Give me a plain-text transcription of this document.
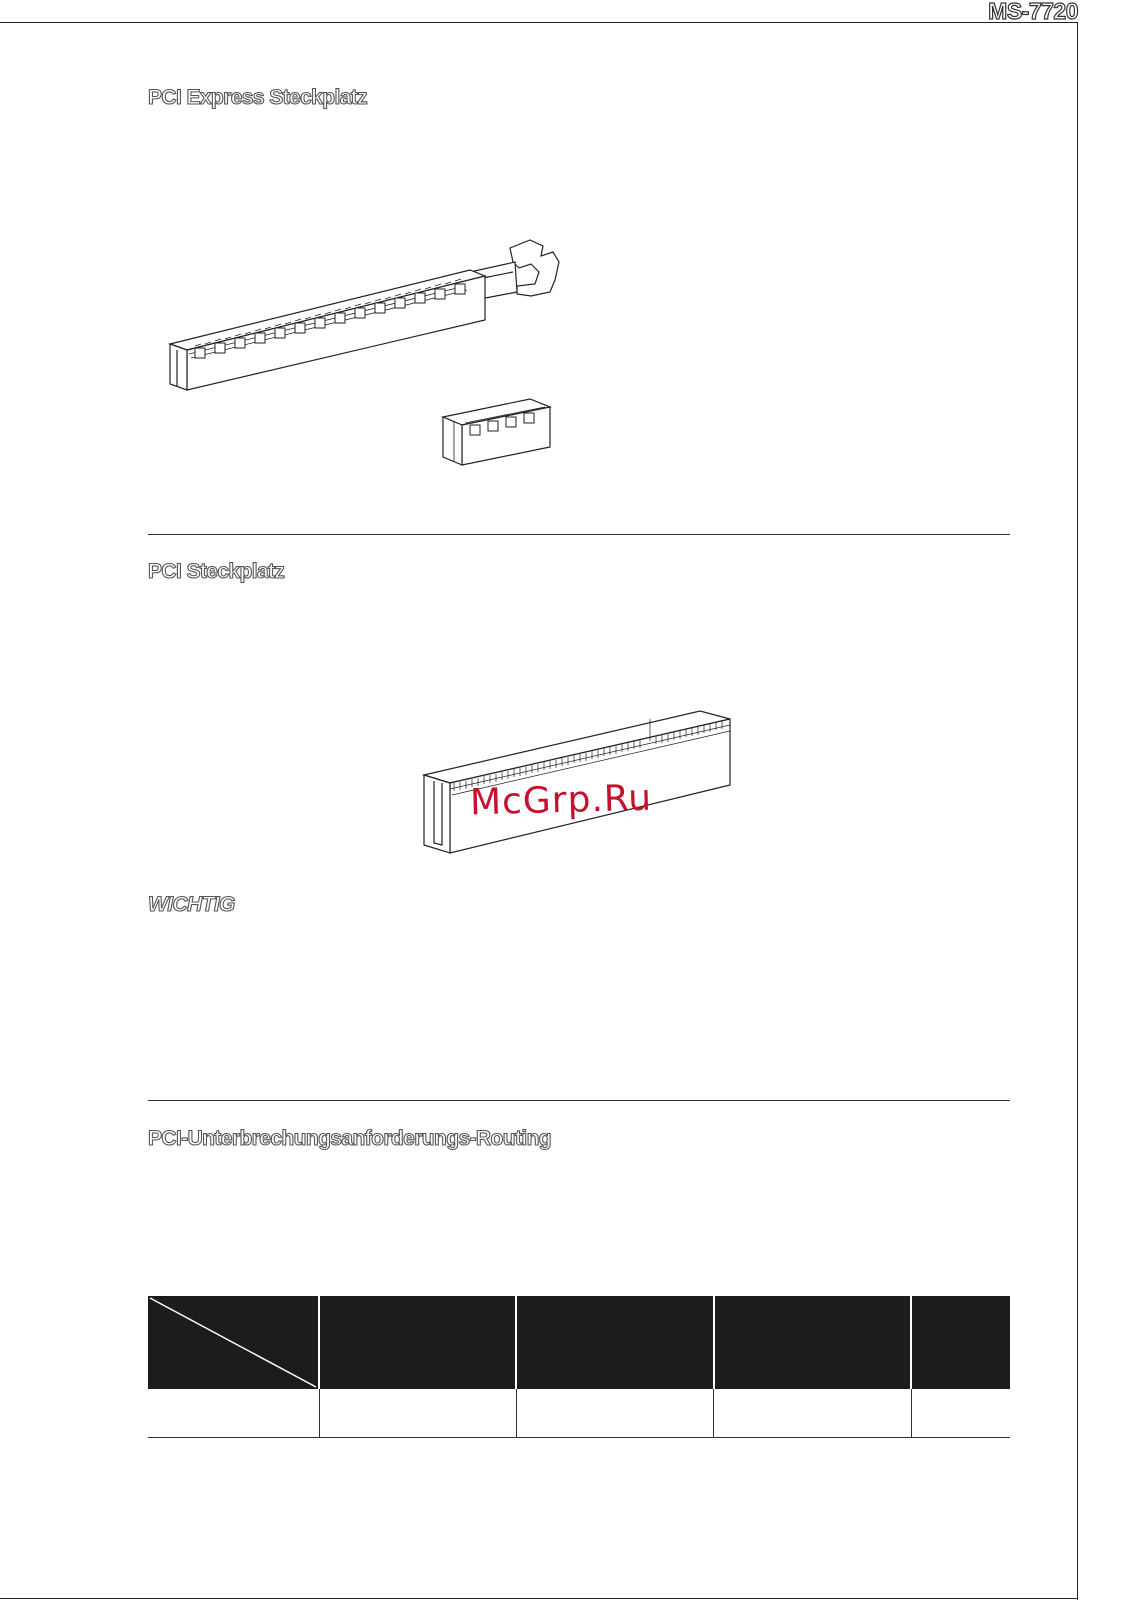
MS-7720
PCI Express Steckplatz
PCI Steckplatz
McGrp.Ru
WICHTIG
PCI-Unterbrechungsanforderungs-Routing
